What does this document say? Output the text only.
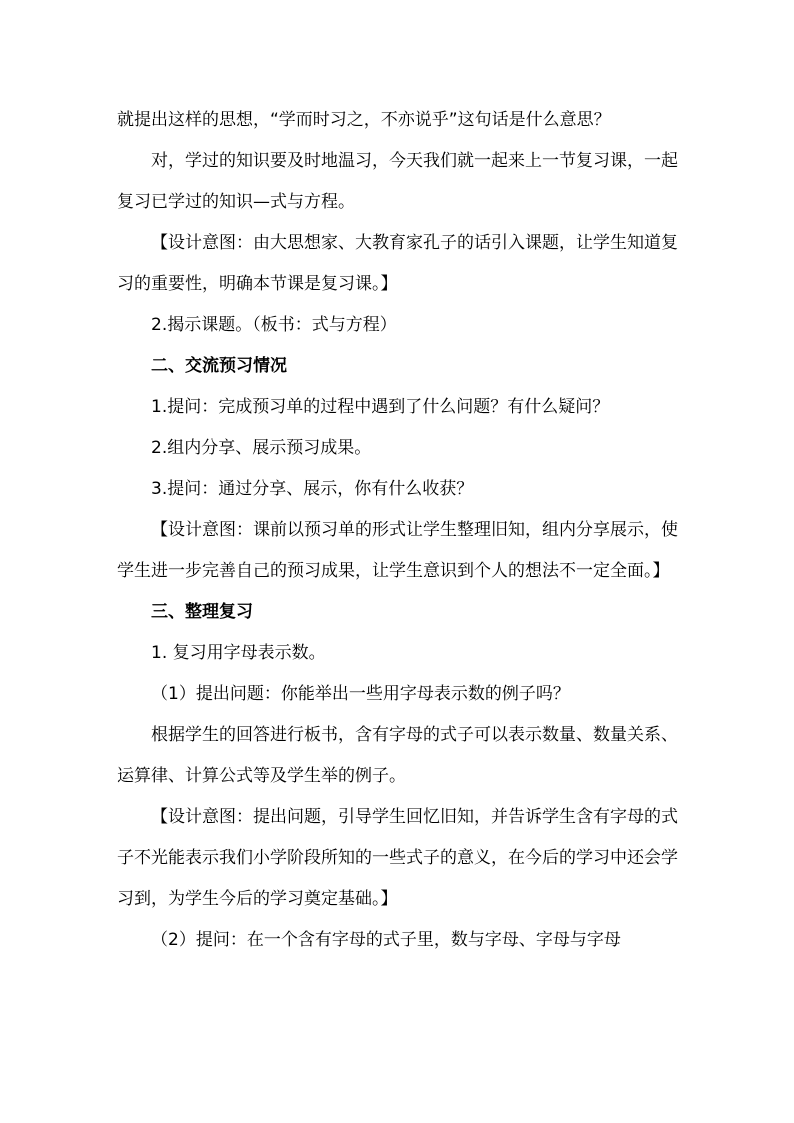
就提出这样的思想，“学而时习之，不亦说乎”这句话是什么意思？

对，学过的知识要及时地温习，今天我们就一起来上一节复习课，一起复习已学过的知识—式与方程。

【设计意图：由大思想家、大教育家孔子的话引入课题，让学生知道复习的重要性，明确本节课是复习课。】

2.揭示课题。（板书：式与方程）

二、交流预习情况

1.提问：完成预习单的过程中遇到了什么问题？有什么疑问？

2.组内分享、展示预习成果。

3.提问：通过分享、展示，你有什么收获？

【设计意图：课前以预习单的形式让学生整理旧知，组内分享展示，使学生进一步完善自己的预习成果，让学生意识到个人的想法不一定全面。】

三、整理复习

1. 复习用字母表示数。

（1）提出问题：你能举出一些用字母表示数的例子吗？

根据学生的回答进行板书，含有字母的式子可以表示数量、数量关系、运算律、计算公式等及学生举的例子。

【设计意图：提出问题，引导学生回忆旧知，并告诉学生含有字母的式子不光能表示我们小学阶段所知的一些式子的意义，在今后的学习中还会学习到，为学生今后的学习奠定基础。】

（2）提问：在一个含有字母的式子里，数与字母、字母与字母
